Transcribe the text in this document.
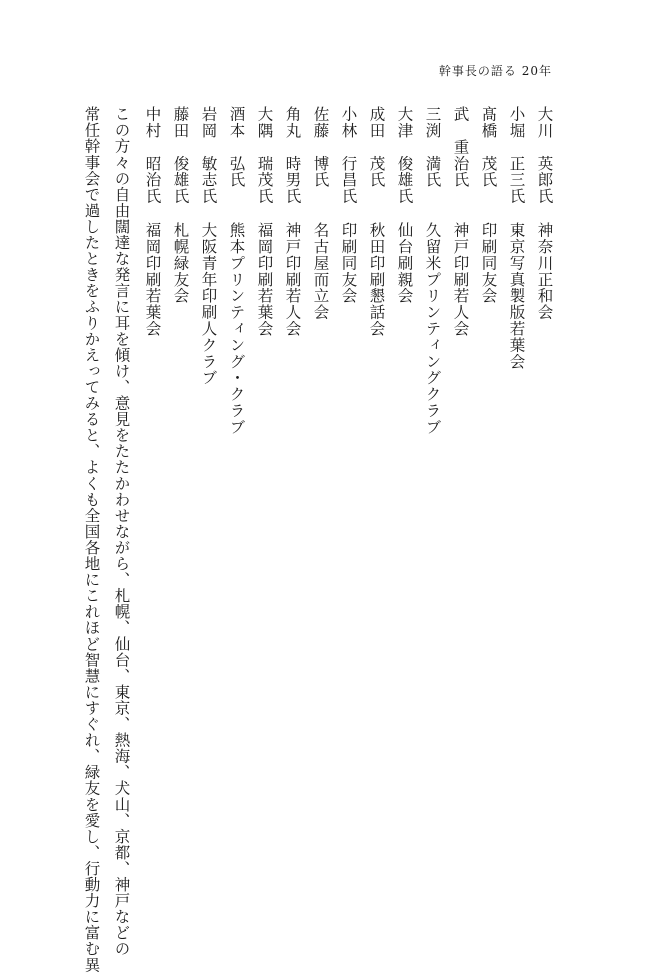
幹事長の語る 20年
大川　英郎氏
神奈川正和会
小堀　正三氏
東京写真製版若葉会
髙橋　茂氏
印刷同友会
武　重治氏
神戸印刷若人会
三渕　満氏
久留米プリンティングクラブ
大津　俊雄氏
仙台刷親会
成田　茂氏
秋田印刷懇話会
小林　行昌氏
印刷同友会
佐藤　博氏
名古屋而立会
角丸　時男氏
神戸印刷若人会
大隅　瑞茂氏
福岡印刷若葉会
酒本　弘氏
熊本プリンティング・クラブ
岩岡　敏志氏
大阪青年印刷人クラブ
藤田　俊雄氏
札幌緑友会
中村　昭治氏
福岡印刷若葉会
この方々の自由闊達な発言に耳を傾け、意見をたたかわせながら、札幌、仙台、東京、熱海、犬山、京都、神戸などの
常任幹事会で過したときをふりかえってみると、よくも全国各地にこれほど智慧にすぐれ、緑友を愛し、行動力に富む異
